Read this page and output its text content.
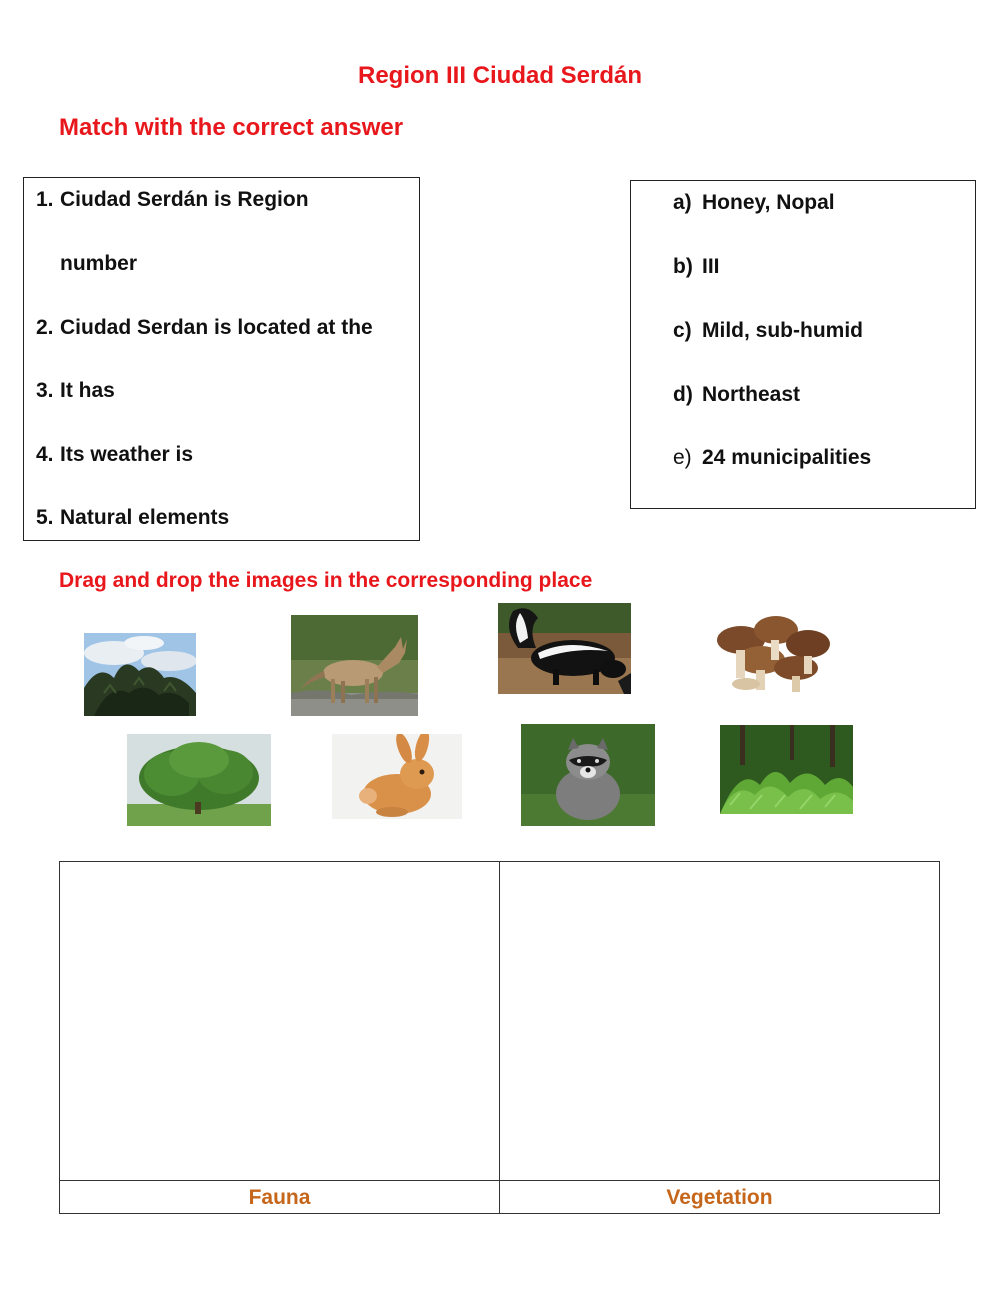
Region III Ciudad Serdán
Match with the correct answer
1. Ciudad Serdán is Region
number
2. Ciudad Serdan is located at the
3. It has
4. Its weather is
5. Natural elements
a) Honey, Nopal
b) III
c) Mild, sub-humid
d) Northeast
e) 24 municipalities
Drag and drop the images in the corresponding place
Fauna	Vegetation
